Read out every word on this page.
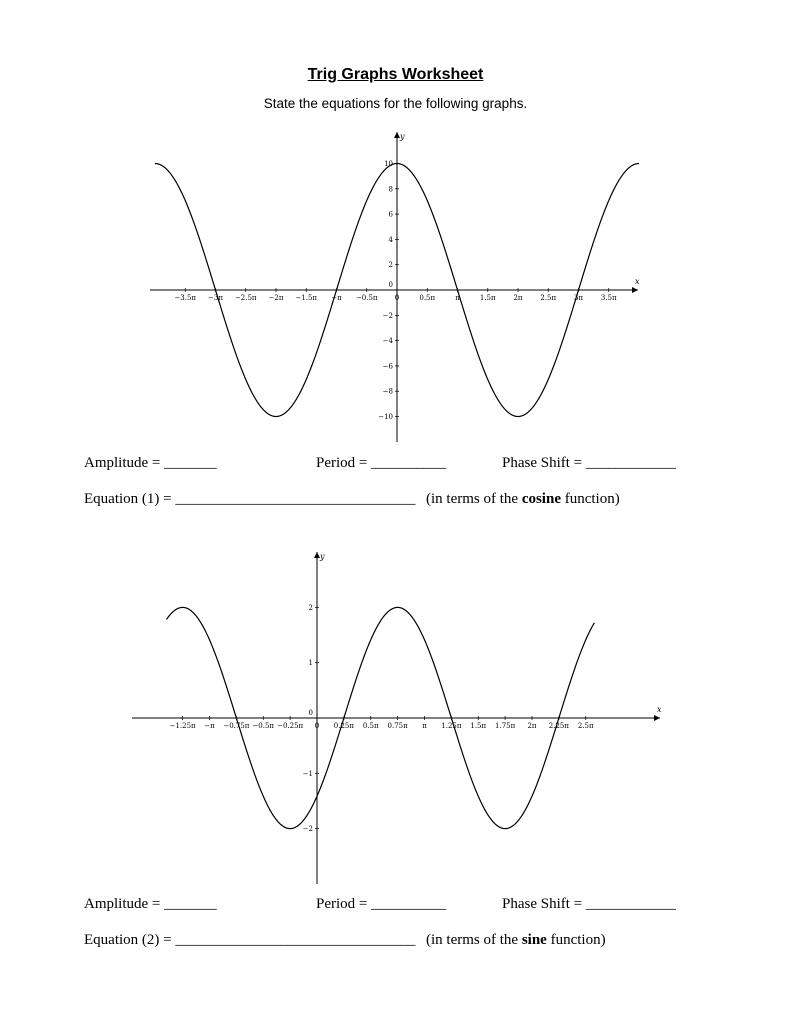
Trig Graphs Worksheet
State the equations for the following graphs.
x
y
−3.5π −3π −2.5π −2π −1.5π −π −0.5π 0	0.5π	π	1.5π	2π	2.5π	3π	3.5π
−10
−8
−6
−4
−2
0
2
4
6
8
10
Amplitude = _______	Period = __________	Phase Shift = ____________
Equation (1) = ________________________________ (in terms of the cosine function)
x
y
−1.25π −π −0.75π −0.5π −0.25π 0 0.25π 0.5π 0.75π π 1.25π 1.5π 1.75π 2π 2.25π 2.5π
−2
−1
0
1
2
Amplitude = _______	Period = __________	Phase Shift = ____________
Equation (2) = ________________________________ (in terms of the sine function)
